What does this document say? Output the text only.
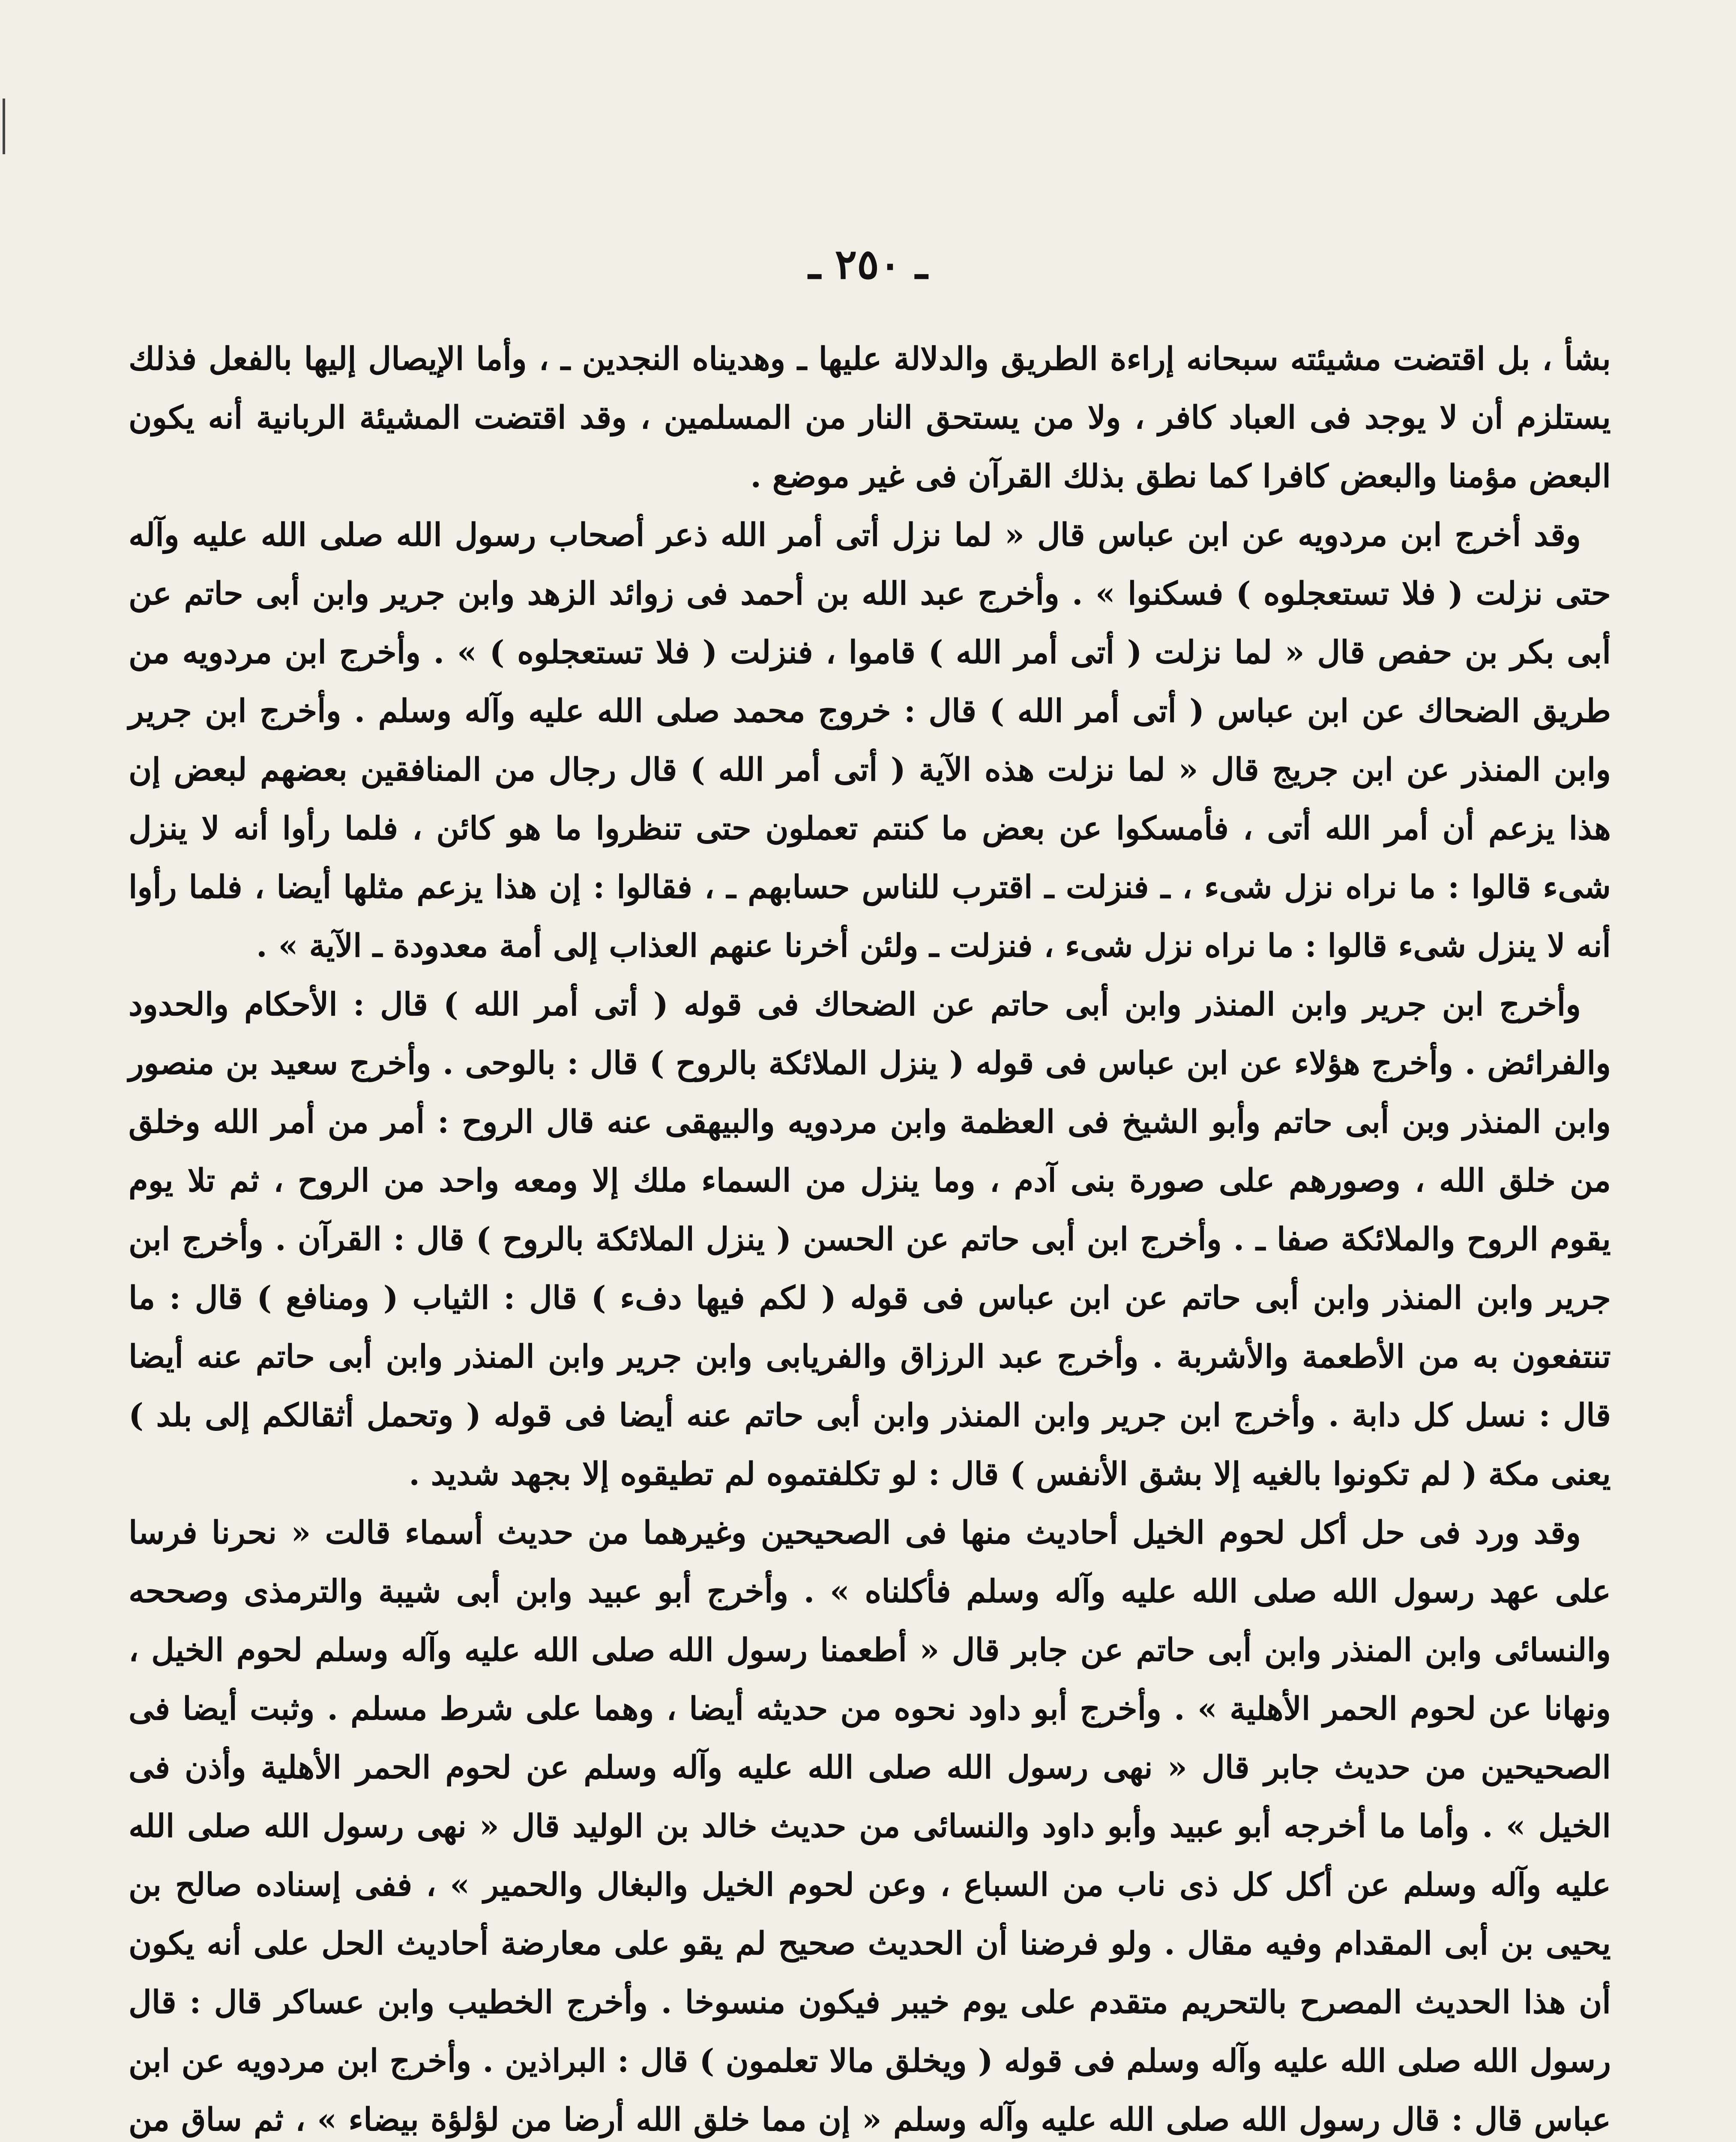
ـ ٢٥٠ ـ

بشأ ، بل اقتضت مشيئته سبحانه إراءة الطريق والدلالة عليها ـ وهديناه النجدين ـ ، وأما الإيصال إليها بالفعل فذلك يستلزم أن لا يوجد فى العباد كافر ، ولا من يستحق النار من المسلمين ، وقد اقتضت المشيئة الربانية أنه يكون البعض مؤمنا والبعض كافرا كما نطق بذلك القرآن فى غير موضع .

وقد أخرج ابن مردويه عن ابن عباس قال « لما نزل أتى أمر الله ذعر أصحاب رسول الله صلى الله عليه وآله حتى نزلت ( فلا تستعجلوه ) فسكنوا » . وأخرج عبد الله بن أحمد فى زوائد الزهد وابن جرير وابن أبى حاتم عن أبى بكر بن حفص قال « لما نزلت ( أتى أمر الله ) قاموا ، فنزلت ( فلا تستعجلوه ) » . وأخرج ابن مردويه من طريق الضحاك عن ابن عباس ( أتى أمر الله ) قال : خروج محمد صلى الله عليه وآله وسلم . وأخرج ابن جرير وابن المنذر عن ابن جريج قال « لما نزلت هذه الآية ( أتى أمر الله ) قال رجال من المنافقين بعضهم لبعض إن هذا يزعم أن أمر الله أتى ، فأمسكوا عن بعض ما كنتم تعملون حتى تنظروا ما هو كائن ، فلما رأوا أنه لا ينزل شىء قالوا : ما نراه نزل شىء ، ـ فنزلت ـ اقترب للناس حسابهم ـ ، فقالوا : إن هذا يزعم مثلها أيضا ، فلما رأوا أنه لا ينزل شىء قالوا : ما نراه نزل شىء ، فنزلت ـ ولئن أخرنا عنهم العذاب إلى أمة معدودة ـ الآية » .

وأخرج ابن جرير وابن المنذر وابن أبى حاتم عن الضحاك فى قوله ( أتى أمر الله ) قال : الأحكام والحدود والفرائض . وأخرج هؤلاء عن ابن عباس فى قوله ( ينزل الملائكة بالروح ) قال : بالوحى . وأخرج سعيد بن منصور وابن المنذر وبن أبى حاتم وأبو الشيخ فى العظمة وابن مردويه والبيهقى عنه قال الروح : أمر من أمر الله وخلق من خلق الله ، وصورهم على صورة بنى آدم ، وما ينزل من السماء ملك إلا ومعه واحد من الروح ، ثم تلا يوم يقوم الروح والملائكة صفا ـ . وأخرج ابن أبى حاتم عن الحسن ( ينزل الملائكة بالروح ) قال : القرآن . وأخرج ابن جرير وابن المنذر وابن أبى حاتم عن ابن عباس فى قوله ( لكم فيها دفء ) قال : الثياب ( ومنافع ) قال : ما تنتفعون به من الأطعمة والأشربة . وأخرج عبد الرزاق والفريابى وابن جرير وابن المنذر وابن أبى حاتم عنه أيضا قال : نسل كل دابة . وأخرج ابن جرير وابن المنذر وابن أبى حاتم عنه أيضا فى قوله ( وتحمل أثقالكم إلى بلد ) يعنى مكة ( لم تكونوا بالغيه إلا بشق الأنفس ) قال : لو تكلفتموه لم تطيقوه إلا بجهد شديد .

وقد ورد فى حل أكل لحوم الخيل أحاديث منها فى الصحيحين وغيرهما من حديث أسماء قالت « نحرنا فرسا على عهد رسول الله صلى الله عليه وآله وسلم فأكلناه » . وأخرج أبو عبيد وابن أبى شيبة والترمذى وصححه والنسائى وابن المنذر وابن أبى حاتم عن جابر قال « أطعمنا رسول الله صلى الله عليه وآله وسلم لحوم الخيل ، ونهانا عن لحوم الحمر الأهلية » . وأخرج أبو داود نحوه من حديثه أيضا ، وهما على شرط مسلم . وثبت أيضا فى الصحيحين من حديث جابر قال « نهى رسول الله صلى الله عليه وآله وسلم عن لحوم الحمر الأهلية وأذن فى الخيل » . وأما ما أخرجه أبو عبيد وأبو داود والنسائى من حديث خالد بن الوليد قال « نهى رسول الله صلى الله عليه وآله وسلم عن أكل كل ذى ناب من السباع ، وعن لحوم الخيل والبغال والحمير » ، ففى إسناده صالح بن يحيى بن أبى المقدام وفيه مقال . ولو فرضنا أن الحديث صحيح لم يقو على معارضة أحاديث الحل على أنه يكون أن هذا الحديث المصرح بالتحريم متقدم على يوم خيبر فيكون منسوخا . وأخرج الخطيب وابن عساكر قال : قال رسول الله صلى الله عليه وآله وسلم فى قوله ( ويخلق مالا تعلمون ) قال : البراذين . وأخرج ابن مردويه عن ابن عباس قال : قال رسول الله صلى الله عليه وآله وسلم « إن مما خلق الله أرضا من لؤلؤة بيضاء » ، ثم ساق من
